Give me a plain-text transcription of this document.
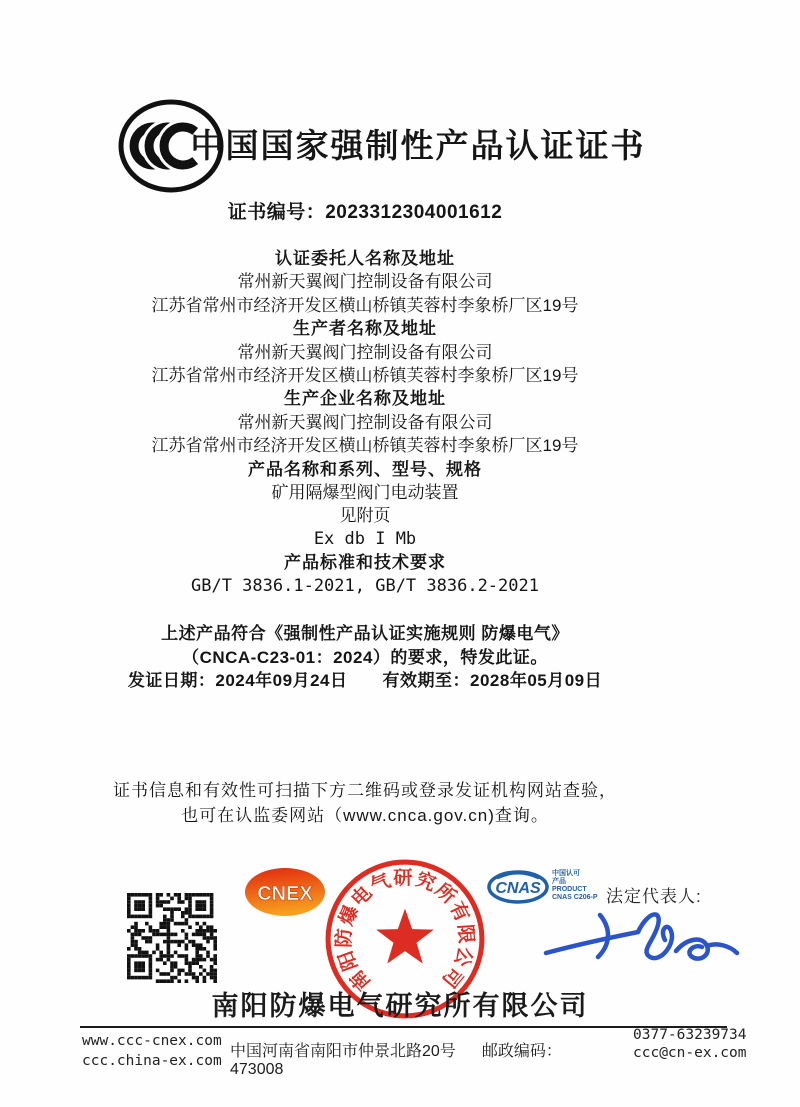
中国国家强制性产品认证证书
证书编号：2023312304001612
认证委托人名称及地址
常州新天翼阀门控制设备有限公司
江苏省常州市经济开发区横山桥镇芙蓉村李象桥厂区19号
生产者名称及地址
常州新天翼阀门控制设备有限公司
江苏省常州市经济开发区横山桥镇芙蓉村李象桥厂区19号
生产企业名称及地址
常州新天翼阀门控制设备有限公司
江苏省常州市经济开发区横山桥镇芙蓉村李象桥厂区19号
产品名称和系列、型号、规格
矿用隔爆型阀门电动装置
见附页
Ex db I Mb
产品标准和技术要求
GB/T 3836.1-2021, GB/T 3836.2-2021
上述产品符合《强制性产品认证实施规则 防爆电气》
（CNCA-C23-01：2024）的要求，特发此证。
发证日期：2024年09月24日　　有效期至：2028年05月09日
证书信息和有效性可扫描下方二维码或登录发证机构网站查验，
也可在认监委网站（www.cnca.gov.cn)查询。
CNEX
南阳防爆电气研究所有限公司
CNAS
中国认可
产品
PRODUCT
CNAS C206-P 法定代表人:
南阳防爆电气研究所有限公司
www.ccc-cnex.com
ccc.china-ex.com
中国河南省南阳市仲景北路20号 邮政编码：473008
0377-63239734
ccc@cn-ex.com
